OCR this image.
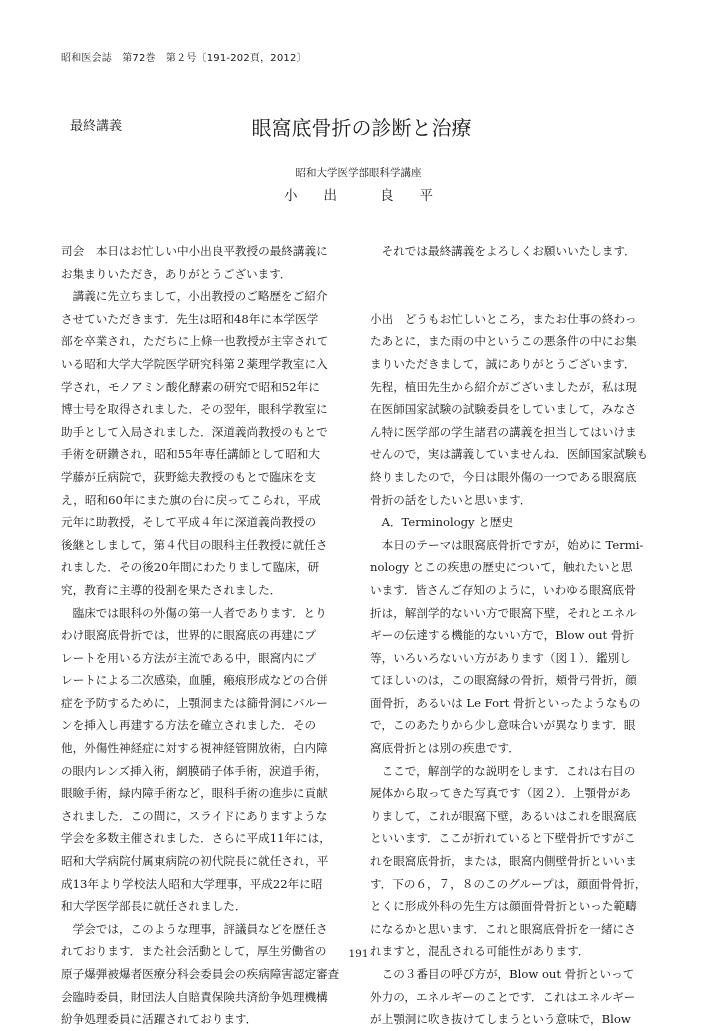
昭和医会誌　第72巻　第２号〔191-202頁，2012〕
最終講義	眼窩底骨折の診断と治療
昭和大学医学部眼科学講座
小 出	良 平

司会　本日はお忙しい中小出良平教授の最終講義に

お集まりいただき，ありがとうございます．

　講義に先立ちまして，小出教授のご略歴をご紹介

させていただきます．先生は昭和48年に本学医学

部を卒業され，ただちに上條一也教授が主宰されて

いる昭和大学大学院医学研究科第２薬理学教室に入

学され，モノアミン酸化酵素の研究で昭和52年に

博士号を取得されました．その翌年，眼科学教室に

助手として入局されました．深道義尚教授のもとで

手術を研鑽され，昭和55年専任講師として昭和大

学藤が丘病院で，荻野総夫教授のもとで臨床を支

え，昭和60年にまた旗の台に戻ってこられ，平成

元年に助教授，そして平成４年に深道義尚教授の

後継としまして，第４代目の眼科主任教授に就任さ

れました．その後20年間にわたりまして臨床，研

究，教育に主導的役割を果たされました．

　臨床では眼科の外傷の第一人者であります．とり

わけ眼窩底骨折では，世界的に眼窩底の再建にプ

レートを用いる方法が主流である中，眼窩内にプ

レートによる二次感染，血腫，瘢痕形成などの合併

症を予防するために，上顎洞または篩骨洞にバルー

ンを挿入し再建する方法を確立されました．その

他，外傷性神経症に対する視神経管開放術，白内障

の眼内レンズ挿入術，網膜硝子体手術，涙道手術，

眼瞼手術，緑内障手術など，眼科手術の進歩に貢献

されました．この間に，スライドにありますような

学会を多数主催されました．さらに平成11年には，

昭和大学病院付属東病院の初代院長に就任され，平

成13年より学校法人昭和大学理事，平成22年に昭

和大学医学部長に就任されました．

　学会では，このような理事，評議員などを歴任さ

れております．また社会活動として，厚生労働省の

原子爆弾被爆者医療分科会委員会の疾病障害認定審査

会臨時委員，財団法人自賠責保険共済紛争処理機構

紛争処理委員に活躍されております．

　それでは最終講義をよろしくお願いいたします．

小出　どうもお忙しいところ，またお仕事の終わっ

たあとに，また雨の中というこの悪条件の中にお集

まりいただきまして，誠にありがとうございます．

先程，植田先生から紹介がございましたが，私は現

在医師国家試験の試験委員をしていまして，みなさ

ん特に医学部の学生諸君の講義を担当してはいけま

せんので，実は講義していませんね．医師国家試験も

終りましたので，今日は眼外傷の一つである眼窩底

骨折の話をしたいと思います．

　A．Terminology と歴史

　本日のテーマは眼窩底骨折ですが，始めに Termi-

nology とこの疾患の歴史について，触れたいと思

います．皆さんご存知のように，いわゆる眼窩底骨

折は，解剖学的ないい方で眼窩下壁，それとエネル

ギーの伝達する機能的ないい方で，Blow out 骨折

等，いろいろないい方があります（図１）．鑑別し

てほしいのは，この眼窩縁の骨折，頬骨弓骨折，顔

面骨折，あるいは Le Fort 骨折といったようなもの

で，このあたりから少し意味合いが異なります．眼

窩底骨折とは別の疾患です．

　ここで，解剖学的な説明をします．これは右目の

屍体から取ってきた写真です（図２）．上顎骨があ

りまして，これが眼窩下壁，あるいはこれを眼窩底

といいます．ここが折れていると下壁骨折ですがこ

れを眼窩底骨折，または，眼窩内側壁骨折といいま

す．下の６，７，８のこのグループは，顔面骨骨折，

とくに形成外科の先生方は顔面骨骨折といった範疇

になるかと思います．これと眼窩底骨折を一緒にさ

れますと，混乱される可能性があります．

　この３番目の呼び方が，Blow out 骨折といって

外力の，エネルギーのことです．これはエネルギー

が上顎洞に吹き抜けてしまうという意味で，Blow

191
